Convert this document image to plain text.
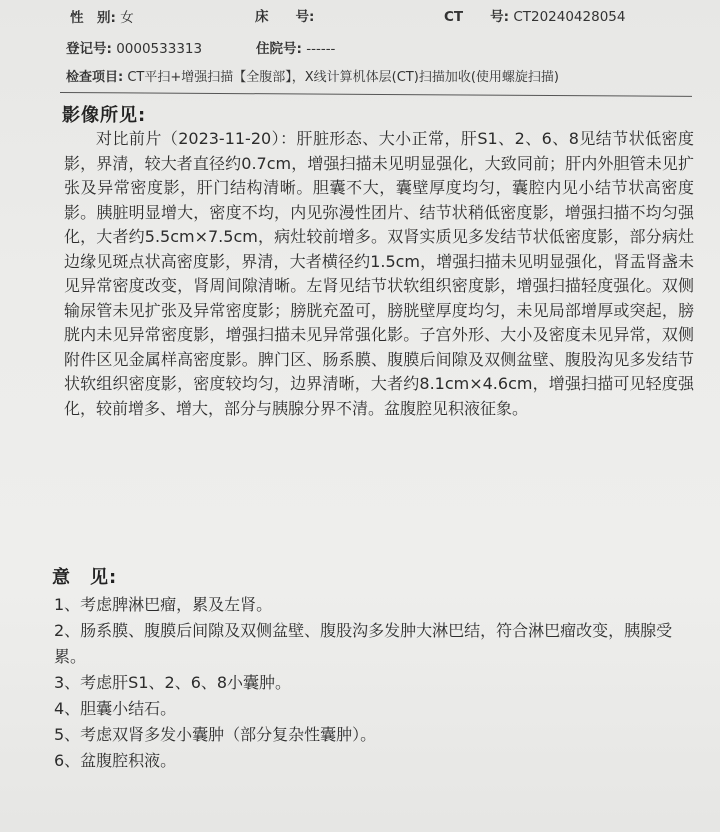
性　别: 女	床　　号:	CT　　号: CT20240428054
登记号: 0000533313	住院号: ------
检查项目: CT平扫+增强扫描【全腹部】，X线计算机体层(CT)扫描加收(使用螺旋扫描)
影像所见:
对比前片（2023-11-20）：肝脏形态、大小正常，肝S1、2、6、8见结节状低密度影，界清，较大者直径约0.7cm，增强扫描未见明显强化，大致同前；肝内外胆管未见扩张及异常密度影，肝门结构清晰。胆囊不大，囊壁厚度均匀，囊腔内见小结节状高密度影。胰脏明显增大，密度不均，内见弥漫性团片、结节状稍低密度影，增强扫描不均匀强化，大者约5.5cm×7.5cm，病灶较前增多。双肾实质见多发结节状低密度影，部分病灶边缘见斑点状高密度影，界清，大者横径约1.5cm，增强扫描未见明显强化，肾盂肾盏未见异常密度改变，肾周间隙清晰。左肾见结节状软组织密度影，增强扫描轻度强化。双侧输尿管未见扩张及异常密度影；膀胱充盈可，膀胱壁厚度均匀，未见局部增厚或突起，膀胱内未见异常密度影，增强扫描未见异常强化影。子宫外形、大小及密度未见异常，双侧附件区见金属样高密度影。脾门区、肠系膜、腹膜后间隙及双侧盆壁、腹股沟见多发结节状软组织密度影，密度较均匀，边界清晰，大者约8.1cm×4.6cm，增强扫描可见轻度强化，较前增多、增大，部分与胰腺分界不清。盆腹腔见积液征象。
意　见:

1、考虑脾淋巴瘤，累及左肾。

2、肠系膜、腹膜后间隙及双侧盆壁、腹股沟多发肿大淋巴结，符合淋巴瘤改变，胰腺受累。

3、考虑肝S1、2、6、8小囊肿。

4、胆囊小结石。

5、考虑双肾多发小囊肿（部分复杂性囊肿）。

6、盆腹腔积液。
